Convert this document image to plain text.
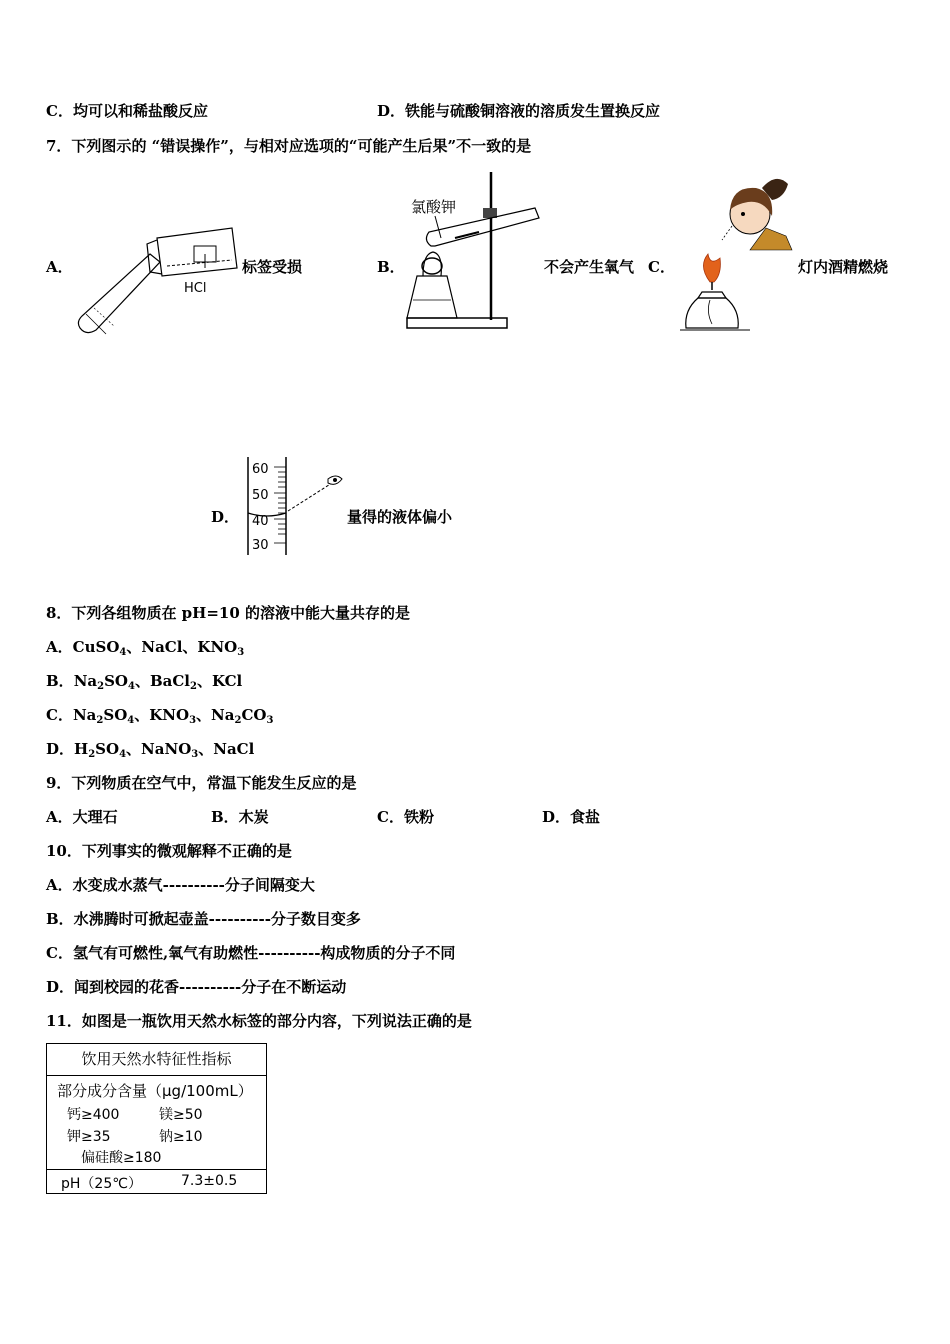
C．均可以和稀盐酸反应	D．铁能与硫酸铜溶液的溶质发生置换反应
7．下列图示的 “错误操作”，与相对应选项的“可能产生后果”不一致的是
A．
HCl
标签受损	B．
氯酸钾
不会产生氧气 C．	灯内酒精燃烧
D．
60
50
40
30
量得的液体偏小
8．下列各组物质在 pH=10 的溶液中能大量共存的是
A．CuSO$_4$、NaCl、$KNO_3$
B．$Na_2SO_4$、BaCl$_2$、KCl
C．$Na_2SO_4$、$KNO_3$、$Na_2CO_3$
D．$H_2SO_4$、NaNO$_3$、NaCl
9．下列物质在空气中，常温下能发生反应的是
A．大理石	B．木炭	C．铁粉	D．食盐
10．下列事实的微观解释不正确的是
A．水变成水蒸气----------分子间隔变大
B．水沸腾时可掀起壶盖----------分子数目变多
C．氢气有可燃性,氧气有助燃性----------构成物质的分子不同
D．闻到校园的花香----------分子在不断运动
11．如图是一瓶饮用天然水标签的部分内容，下列说法正确的是
饮用天然水特征性指标
部分成分含量（μg/100mL）
钙≥400	镁≥50
钾≥35	钠≥10
偏硅酸≥180
pH（25℃）	7.3±0.5
